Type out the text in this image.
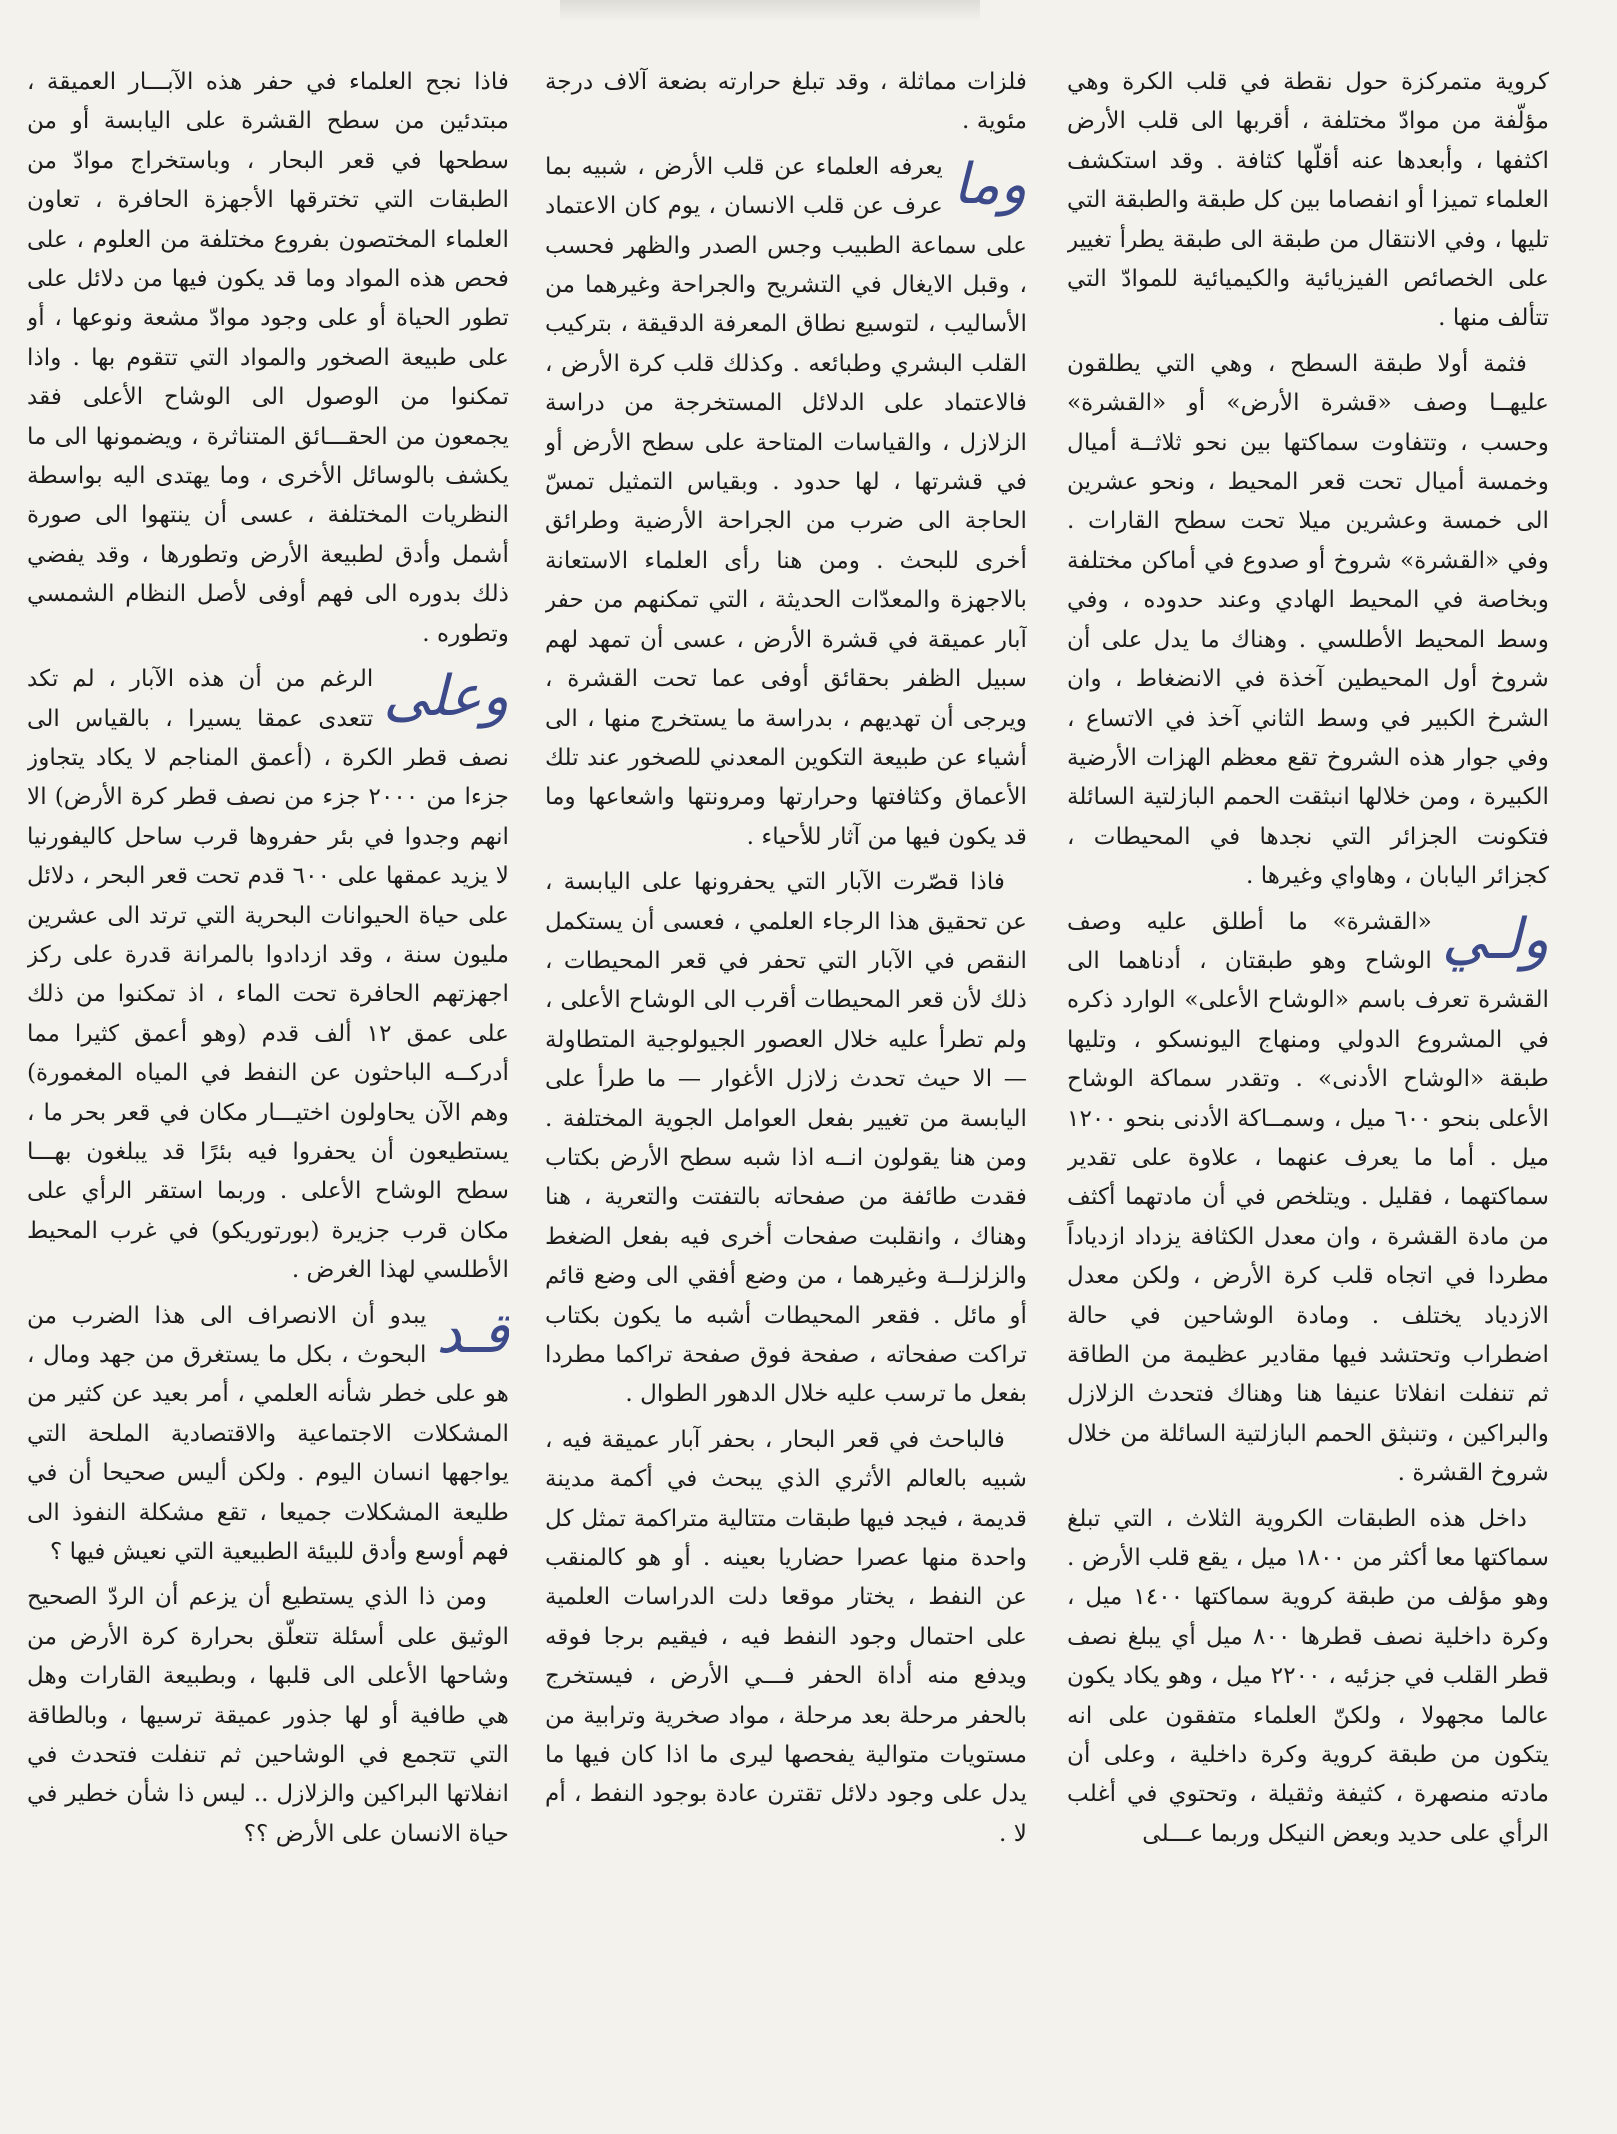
كروية متمركزة حول نقطة في قلب الكرة وهي مؤلّفة من موادّ مختلفة ، أقربها الى قلب الأرض اكثفها ، وأبعدها عنه أقلّها كثافة . وقد استكشف العلماء تميزا أو انفصاما بين كل طبقة والطبقة التي تليها ، وفي الانتقال من طبقة الى طبقة يطرأ تغيير على الخصائص الفيزيائية والكيميائية للموادّ التي تتألف منها .

فثمة أولا طبقة السطح ، وهي التي يطلقون عليهــا وصف «قشرة الأرض» أو «القشرة» وحسب ، وتتفاوت سماكتها بين نحو ثلاثــة أميال وخمسة أميال تحت قعر المحيط ، ونحو عشرين الى خمسة وعشرين ميلا تحت سطح القارات . وفي «القشرة» شروخ أو صدوع في أماكن مختلفة وبخاصة في المحيط الهادي وعند حدوده ، وفي وسط المحيط الأطلسي . وهناك ما يدل على أن شروخ أول المحيطين آخذة في الانضغاط ، وان الشرخ الكبير في وسط الثاني آخذ في الاتساع ، وفي جوار هذه الشروخ تقع معظم الهزات الأرضية الكبيرة ، ومن خلالها انبثقت الحمم البازلتية السائلة فتكونت الجزائر التي نجدها في المحيطات ، كجزائر اليابان ، وهاواي وغيرها .

ولـي
«القشرة» ما أطلق عليه وصف الوشاح وهو طبقتان ، أدناهما الى القشرة تعرف باسم «الوشاح الأعلى» الوارد ذكره في المشروع الدولي ومنهاج اليونسكو ، وتليها طبقة «الوشاح الأدنى» . وتقدر سماكة الوشاح الأعلى بنحو ٦٠٠ ميل ، وسمــاكة الأدنى بنحو ١٢٠٠ ميل . أما ما يعرف عنهما ، علاوة على تقدير سماكتهما ، فقليل . ويتلخص في أن مادتهما أكثف من مادة القشرة ، وان معدل الكثافة يزداد ازدياداً مطردا في اتجاه قلب كرة الأرض ، ولكن معدل الازدياد يختلف . ومادة الوشاحين في حالة اضطراب وتحتشد فيها مقادير عظيمة من الطاقة ثم تنفلت انفلاتا عنيفا هنا وهناك فتحدث الزلازل والبراكين ، وتنبثق الحمم البازلتية السائلة من خلال شروخ القشرة .

داخل هذه الطبقات الكروية الثلاث ، التي تبلغ سماكتها معا أكثر من ١٨٠٠ ميل ، يقع قلب الأرض . وهو مؤلف من طبقة كروية سماكتها ١٤٠٠ ميل ، وكرة داخلية نصف قطرها ٨٠٠ ميل أي يبلغ نصف قطر القلب في جزئيه ، ٢٢٠٠ ميل ، وهو يكاد يكون عالما مجهولا ، ولكنّ العلماء متفقون على انه يتكون من طبقة كروية وكرة داخلية ، وعلى أن مادته منصهرة ، كثيفة وثقيلة ، وتحتوي في أغلب الرأي على حديد وبعض النيكل وربما عـــلى

فلزات مماثلة ، وقد تبلغ حرارته بضعة آلاف درجة مئوية .

وما
يعرفه العلماء عن قلب الأرض ، شبيه بما عرف عن قلب الانسان ، يوم كان الاعتماد على سماعة الطبيب وجس الصدر والظهر فحسب ، وقبل الايغال في التشريح والجراحة وغيرهما من الأساليب ، لتوسيع نطاق المعرفة الدقيقة ، بتركيب القلب البشري وطبائعه . وكذلك قلب كرة الأرض ، فالاعتماد على الدلائل المستخرجة من دراسة الزلازل ، والقياسات المتاحة على سطح الأرض أو في قشرتها ، لها حدود . وبقياس التمثيل تمسّ الحاجة الى ضرب من الجراحة الأرضية وطرائق أخرى للبحث . ومن هنا رأى العلماء الاستعانة بالاجهزة والمعدّات الحديثة ، التي تمكنهم من حفر آبار عميقة في قشرة الأرض ، عسى أن تمهد لهم سبيل الظفر بحقائق أوفى عما تحت القشرة ، ويرجى أن تهديهم ، بدراسة ما يستخرج منها ، الى أشياء عن طبيعة التكوين المعدني للصخور عند تلك الأعماق وكثافتها وحرارتها ومرونتها واشعاعها وما قد يكون فيها من آثار للأحياء .

فاذا قصّرت الآبار التي يحفرونها على اليابسة ، عن تحقيق هذا الرجاء العلمي ، فعسى أن يستكمل النقص في الآبار التي تحفر في قعر المحيطات ، ذلك لأن قعر المحيطات أقرب الى الوشاح الأعلى ، ولم تطرأ عليه خلال العصور الجيولوجية المتطاولة — الا حيث تحدث زلازل الأغوار — ما طرأ على اليابسة من تغيير بفعل العوامل الجوية المختلفة . ومن هنا يقولون انــه اذا شبه سطح الأرض بكتاب فقدت طائفة من صفحاته بالتفتت والتعرية ، هنا وهناك ، وانقلبت صفحات أخرى فيه بفعل الضغط والزلزلــة وغيرهما ، من وضع أفقي الى وضع قائم أو مائل . فقعر المحيطات أشبه ما يكون بكتاب تراكت صفحاته ، صفحة فوق صفحة تراكما مطردا بفعل ما ترسب عليه خلال الدهور الطوال .

فالباحث في قعر البحار ، بحفر آبار عميقة فيه ، شبيه بالعالم الأثري الذي يبحث في أكمة مدينة قديمة ، فيجد فيها طبقات متتالية متراكمة تمثل كل واحدة منها عصرا حضاريا بعينه . أو هو كالمنقب عن النفط ، يختار موقعا دلت الدراسات العلمية على احتمال وجود النفط فيه ، فيقيم برجا فوقه ويدفع منه أداة الحفر فـــي الأرض ، فيستخرج بالحفر مرحلة بعد مرحلة ، مواد صخرية وترابية من مستويات متوالية يفحصها ليرى ما اذا كان فيها ما يدل على وجود دلائل تقترن عادة بوجود النفط ، أم لا .

فاذا نجح العلماء في حفر هذه الآبـــار العميقة ، مبتدئين من سطح القشرة على اليابسة أو من سطحها في قعر البحار ، وباستخراج موادّ من الطبقات التي تخترقها الأجهزة الحافرة ، تعاون العلماء المختصون بفروع مختلفة من العلوم ، على فحص هذه المواد وما قد يكون فيها من دلائل على تطور الحياة أو على وجود موادّ مشعة ونوعها ، أو على طبيعة الصخور والمواد التي تتقوم بها . واذا تمكنوا من الوصول الى الوشاح الأعلى فقد يجمعون من الحقـــائق المتناثرة ، ويضمونها الى ما يكشف بالوسائل الأخرى ، وما يهتدى اليه بواسطة النظريات المختلفة ، عسى أن ينتهوا الى صورة أشمل وأدق لطبيعة الأرض وتطورها ، وقد يفضي ذلك بدوره الى فهم أوفى لأصل النظام الشمسي وتطوره .

وعلى
الرغم من أن هذه الآبار ، لم تكد تتعدى عمقا يسيرا ، بالقياس الى نصف قطر الكرة ، (أعمق المناجم لا يكاد يتجاوز جزءا من ٢٠٠٠ جزء من نصف قطر كرة الأرض) الا انهم وجدوا في بئر حفروها قرب ساحل كاليفورنيا لا يزيد عمقها على ٦٠٠ قدم تحت قعر البحر ، دلائل على حياة الحيوانات البحرية التي ترتد الى عشرين مليون سنة ، وقد ازدادوا بالمرانة قدرة على ركز اجهزتهم الحافرة تحت الماء ، اذ تمكنوا من ذلك على عمق ١٢ ألف قدم (وهو أعمق كثيرا مما أدركــه الباحثون عن النفط في المياه المغمورة) وهم الآن يحاولون اختيـــار مكان في قعر بحر ما ، يستطيعون أن يحفروا فيه بئرًا قد يبلغون بهـــا سطح الوشاح الأعلى . وربما استقر الرأي على مكان قرب جزيرة (بورتوريكو) في غرب المحيط الأطلسي لهذا الغرض .
قـد
يبدو أن الانصراف الى هذا الضرب من البحوث ، بكل ما يستغرق من جهد ومال ، هو على خطر شأنه العلمي ، أمر بعيد عن كثير من المشكلات الاجتماعية والاقتصادية الملحة التي يواجهها انسان اليوم . ولكن أليس صحيحا أن في طليعة المشكلات جميعا ، تقع مشكلة النفوذ الى فهم أوسع وأدق للبيئة الطبيعية التي نعيش فيها ؟

ومن ذا الذي يستطيع أن يزعم أن الردّ الصحيح الوثيق على أسئلة تتعلّق بحرارة كرة الأرض من وشاحها الأعلى الى قلبها ، وبطبيعة القارات وهل هي طافية أو لها جذور عميقة ترسيها ، وبالطاقة التي تتجمع في الوشاحين ثم تنفلت فتحدث في انفلاتها البراكين والزلازل .. ليس ذا شأن خطير في حياة الانسان على الأرض ؟؟
